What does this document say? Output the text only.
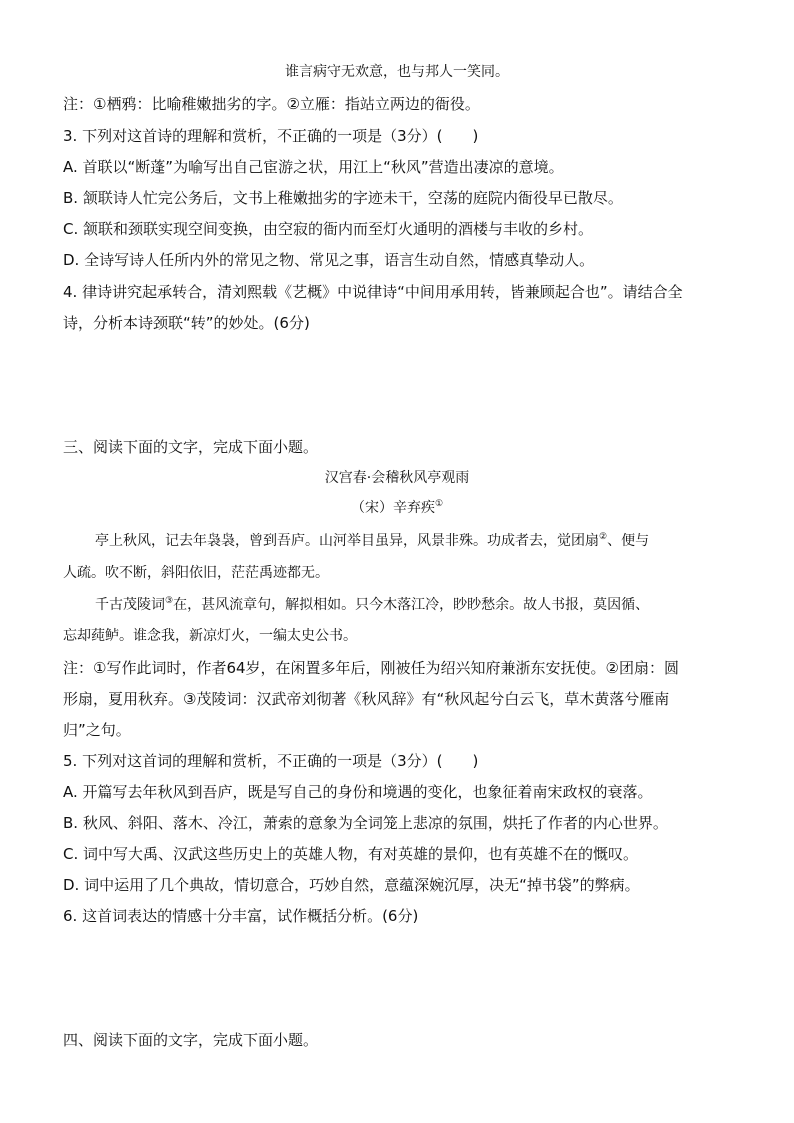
谁言病守无欢意，也与邦人一笑同。
注：①栖鸦：比喻稚嫩拙劣的字。②立雁：指站立两边的衙役。
3. 下列对这首诗的理解和赏析，不正确的一项是（3分）(　　)
A. 首联以“断蓬”为喻写出自己宦游之状，用江上“秋风”营造出凄凉的意境。
B. 颔联诗人忙完公务后，文书上稚嫩拙劣的字迹未干，空荡的庭院内衙役早已散尽。
C. 颔联和颈联实现空间变换，由空寂的衙内而至灯火通明的酒楼与丰收的乡村。
D. 全诗写诗人任所内外的常见之物、常见之事，语言生动自然，情感真挚动人。
4. 律诗讲究起承转合，清刘熙载《艺概》中说律诗“中间用承用转，皆兼顾起合也”。请结合全
诗，分析本诗颈联“转”的妙处。(6分)
三、阅读下面的文字，完成下面小题。
汉宫春·会稽秋风亭观雨
（宋）辛弃疾①
亭上秋风，记去年袅袅，曾到吾庐。山河举目虽异，风景非殊。功成者去，觉团扇②、便与
人疏。吹不断，斜阳依旧，茫茫禹迹都无。
千古茂陵词③在，甚风流章句，解拟相如。只今木落江冷，眇眇愁余。故人书报，莫因循、
忘却莼鲈。谁念我，新凉灯火，一编太史公书。
注：①写作此词时，作者64岁，在闲置多年后，刚被任为绍兴知府兼浙东安抚使。②团扇：圆
形扇，夏用秋弃。③茂陵词：汉武帝刘彻著《秋风辞》有“秋风起兮白云飞，草木黄落兮雁南
归”之句。
5. 下列对这首词的理解和赏析，不正确的一项是（3分）(　　)
A. 开篇写去年秋风到吾庐，既是写自己的身份和境遇的变化，也象征着南宋政权的衰落。
B. 秋风、斜阳、落木、冷江，萧索的意象为全词笼上悲凉的氛围，烘托了作者的内心世界。
C. 词中写大禹、汉武这些历史上的英雄人物，有对英雄的景仰，也有英雄不在的慨叹。
D. 词中运用了几个典故，情切意合，巧妙自然，意蕴深婉沉厚，决无“掉书袋”的弊病。
6. 这首词表达的情感十分丰富，试作概括分析。(6分)
四、阅读下面的文字，完成下面小题。
